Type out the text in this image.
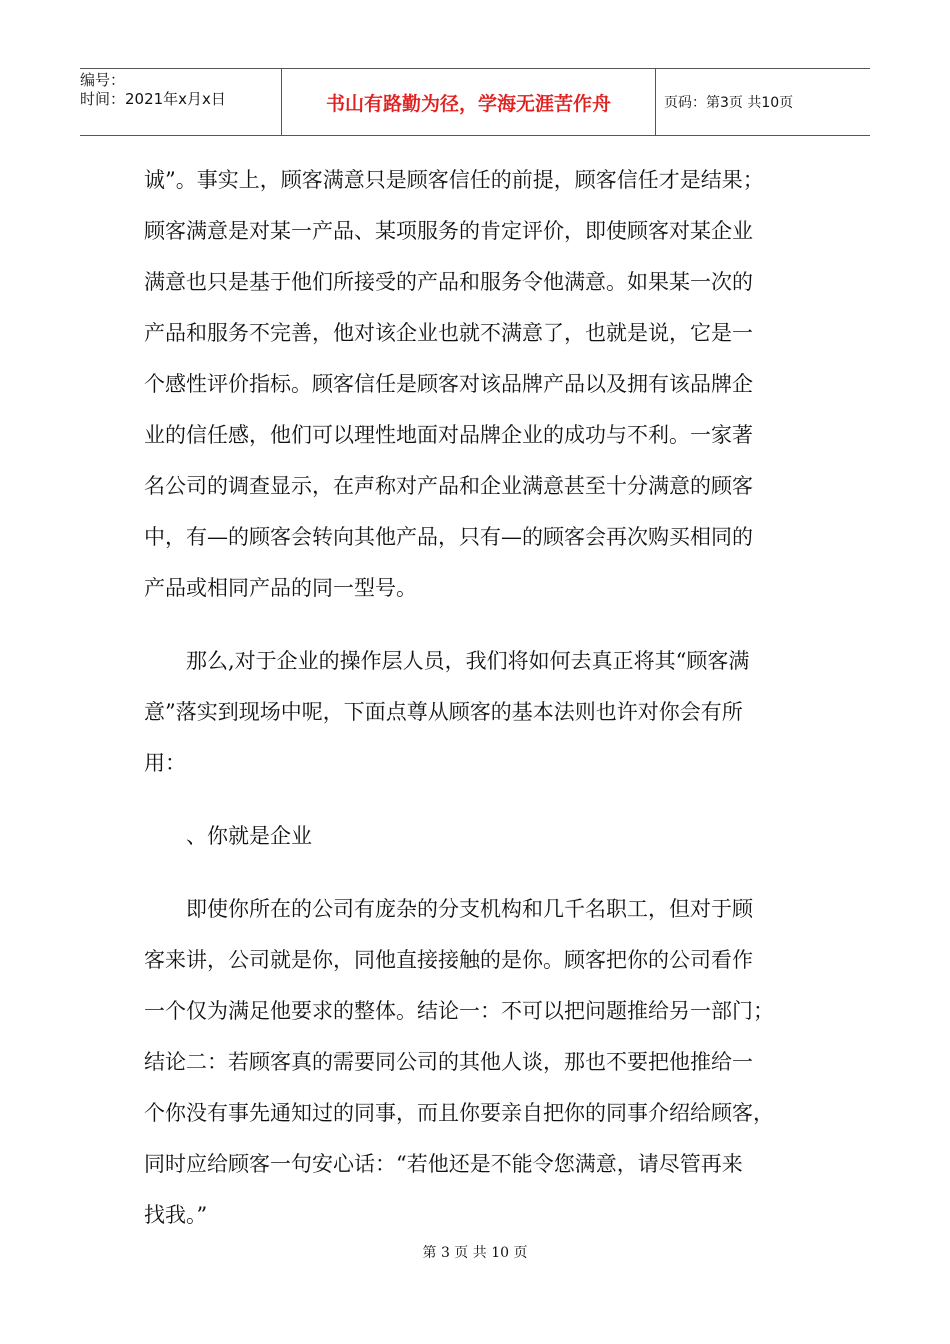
编号：
时间：2021年x月x日	书山有路勤为径，学海无涯苦作舟	页码：第3页 共10页
诚”。事实上，顾客满意只是顾客信任的前提，顾客信任才是结果；
顾客满意是对某一产品、某项服务的肯定评价，即使顾客对某企业
满意也只是基于他们所接受的产品和服务令他满意。如果某一次的
产品和服务不完善，他对该企业也就不满意了，也就是说，它是一
个感性评价指标。顾客信任是顾客对该品牌产品以及拥有该品牌企
业的信任感，他们可以理性地面对品牌企业的成功与不利。一家著
名公司的调查显示，在声称对产品和企业满意甚至十分满意的顾客
中，有—的顾客会转向其他产品，只有—的顾客会再次购买相同的
产品或相同产品的同一型号。
　　那么,对于企业的操作层人员，我们将如何去真正将其“顾客满
意”落实到现场中呢，下面点尊从顾客的基本法则也许对你会有所
用：
　　、你就是企业
　　即使你所在的公司有庞杂的分支机构和几千名职工，但对于顾
客来讲，公司就是你，同他直接接触的是你。顾客把你的公司看作
一个仅为满足他要求的整体。结论一：不可以把问题推给另一部门；
结论二：若顾客真的需要同公司的其他人谈，那也不要把他推给一
个你没有事先通知过的同事，而且你要亲自把你的同事介绍给顾客，
同时应给顾客一句安心话：“若他还是不能令您满意，请尽管再来
找我。”
第 3 页 共 10 页
